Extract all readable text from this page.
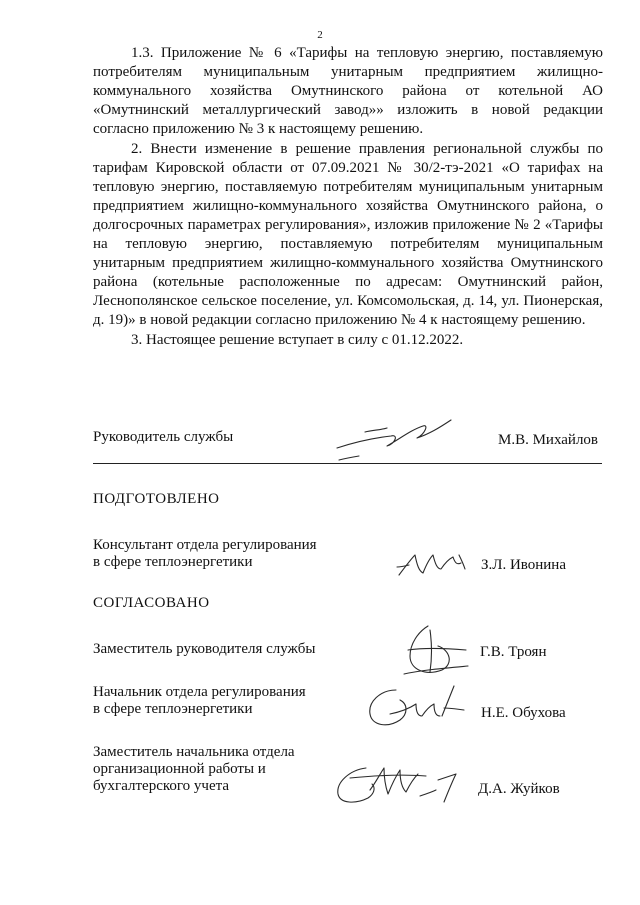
2

1.3. Приложение № 6 «Тарифы на тепловую энергию, поставляемую потребителям муниципальным унитарным предприятием жилищно-коммунального хозяйства Омутнинского района от котельной АО «Омутнинский металлургический завод»» изложить в новой редакции согласно приложению № 3 к настоящему решению.

2. Внести изменение в решение правления региональной службы по тарифам Кировской области от 07.09.2021 № 30/2-тэ-2021 «О тарифах на тепловую энергию, поставляемую потребителям муниципальным унитарным предприятием жилищно-коммунального хозяйства Омутнинского района, о долгосрочных параметрах регулирования», изложив приложение № 2 «Тарифы на тепловую энергию, поставляемую потребителям муниципальным унитарным предприятием жилищно-коммунального хозяйства Омутнинского района (котельные расположенные по адресам: Омутнинский район, Леснополянское сельское поселение, ул. Комсомольская, д. 14, ул. Пионерская, д. 19)» в новой редакции согласно приложению № 4 к настоящему решению.

3. Настоящее решение вступает в силу с 01.12.2022.

Руководитель службы	М.В. Михайлов
ПОДГОТОВЛЕНО
Консультант отдела регулирования
в сфере теплоэнергетики	З.Л. Ивонина
СОГЛАСОВАНО
Заместитель руководителя службы	Г.В. Троян
Начальник отдела регулирования
в сфере теплоэнергетики	Н.Е. Обухова
Заместитель начальника отдела
организационной работы и
бухгалтерского учета	Д.А. Жуйков
